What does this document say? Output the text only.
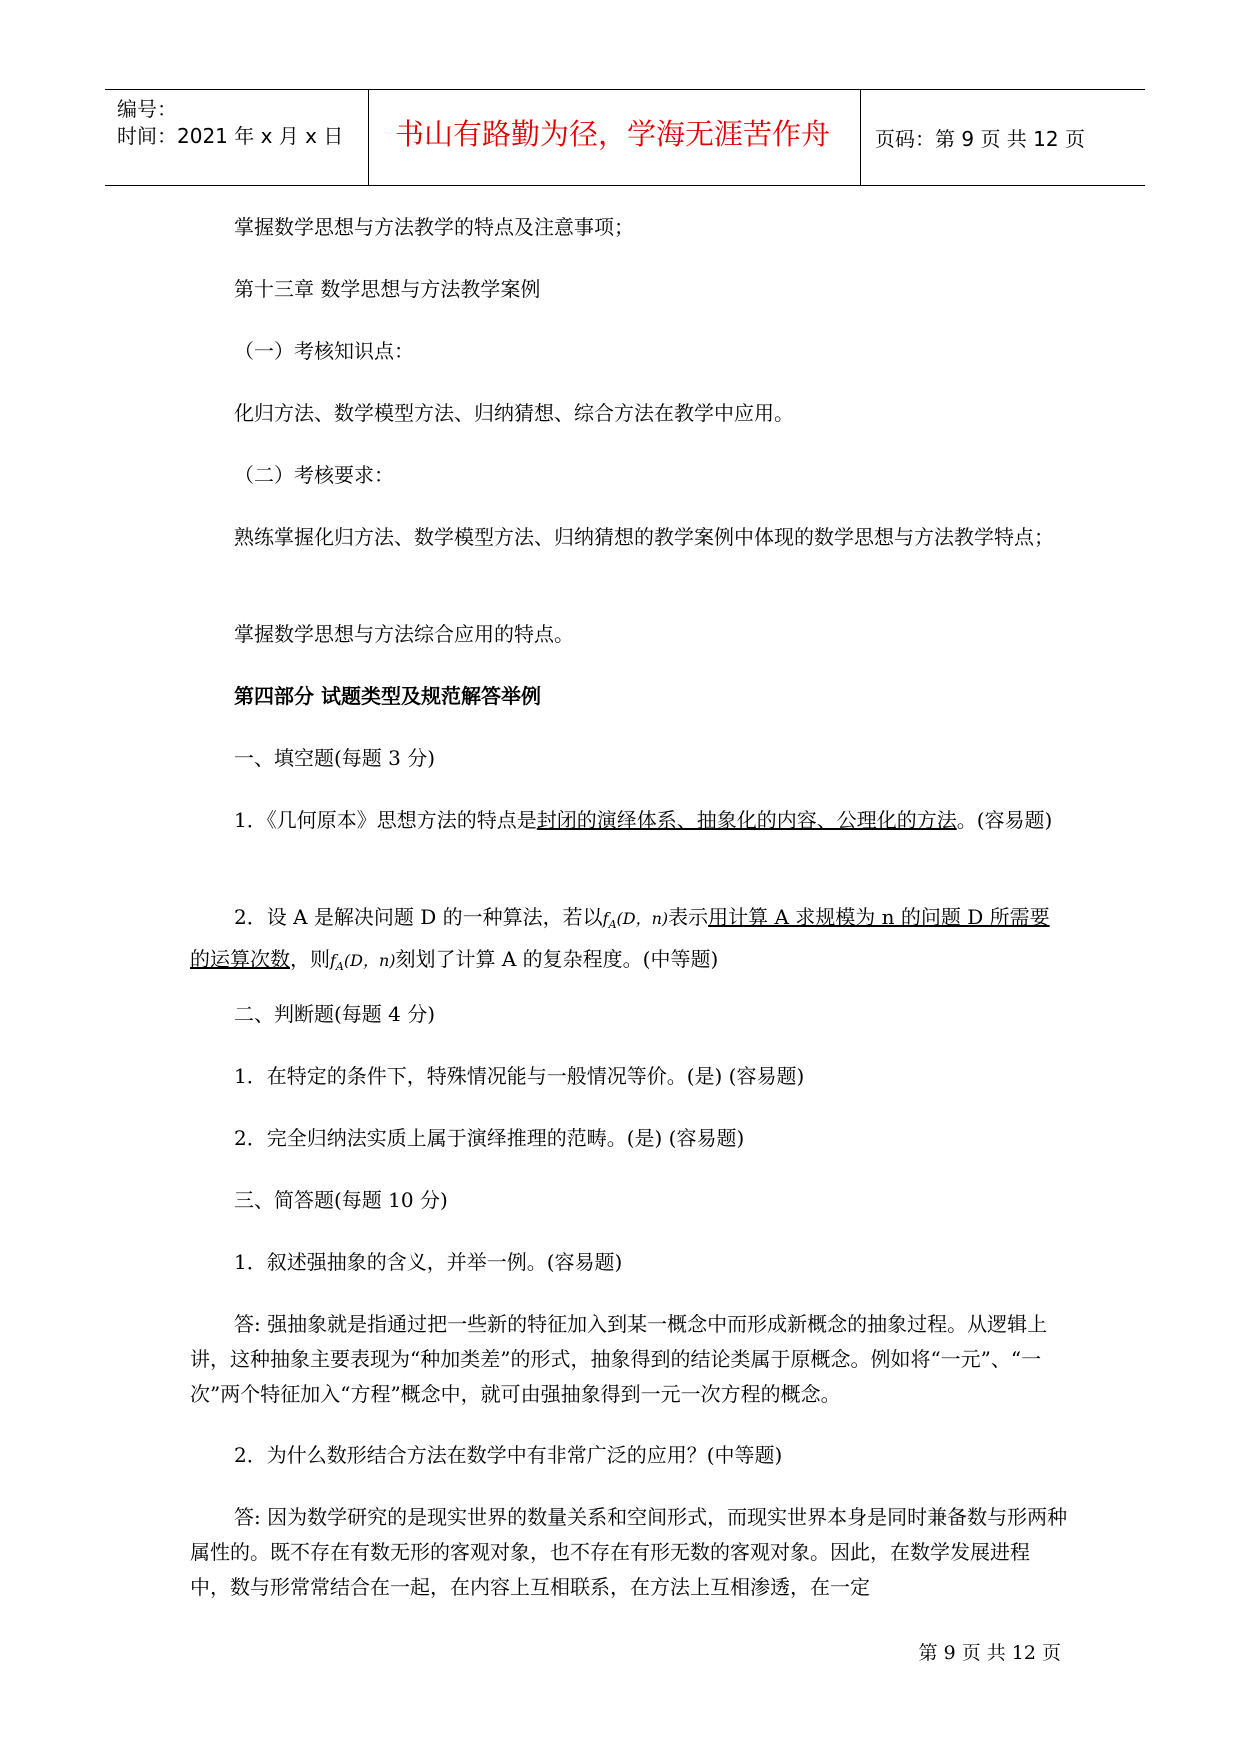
编号：
时间：2021 年 x 月 x 日 书山有路勤为径，学海无涯苦作舟 页码：第 9 页 共 12 页
掌握数学思想与方法教学的特点及注意事项；
第十三章 数学思想与方法教学案例
（一）考核知识点：
化归方法、数学模型方法、归纳猜想、综合方法在教学中应用。
（二）考核要求：
熟练掌握化归方法、数学模型方法、归纳猜想的教学案例中体现的数学思想与方法教学特点；
掌握数学思想与方法综合应用的特点。
第四部分 试题类型及规范解答举例
一、填空题(每题 3 分)
1．《几何原本》思想方法的特点是封闭的演绎体系、抽象化的内容、公理化的方法。(容易题)
2．设 A 是解决问题 D 的一种算法，若以$f_A(D$，n)表示用计算 A 求规模为 n 的问题 D 所需要的运算次数，则$f_A(D$，n)刻划了计算 A 的复杂程度。(中等题)
二、判断题(每题 4 分)
1．在特定的条件下，特殊情况能与一般情况等价。(是) (容易题)
2．完全归纳法实质上属于演绎推理的范畴。(是) (容易题)
三、简答题(每题 10 分)
1．叙述强抽象的含义，并举一例。(容易题)
答: 强抽象就是指通过把一些新的特征加入到某一概念中而形成新概念的抽象过程。从逻辑上讲，这种抽象主要表现为“种加类差”的形式，抽象得到的结论类属于原概念。例如将“一元”、“一次”两个特征加入“方程”概念中，就可由强抽象得到一元一次方程的概念。
2．为什么数形结合方法在数学中有非常广泛的应用？(中等题)
答: 因为数学研究的是现实世界的数量关系和空间形式，而现实世界本身是同时兼备数与形两种属性的。既不存在有数无形的客观对象，也不存在有形无数的客观对象。因此，在数学发展进程中，数与形常常结合在一起，在内容上互相联系，在方法上互相渗透，在一定
第 9 页 共 12 页
